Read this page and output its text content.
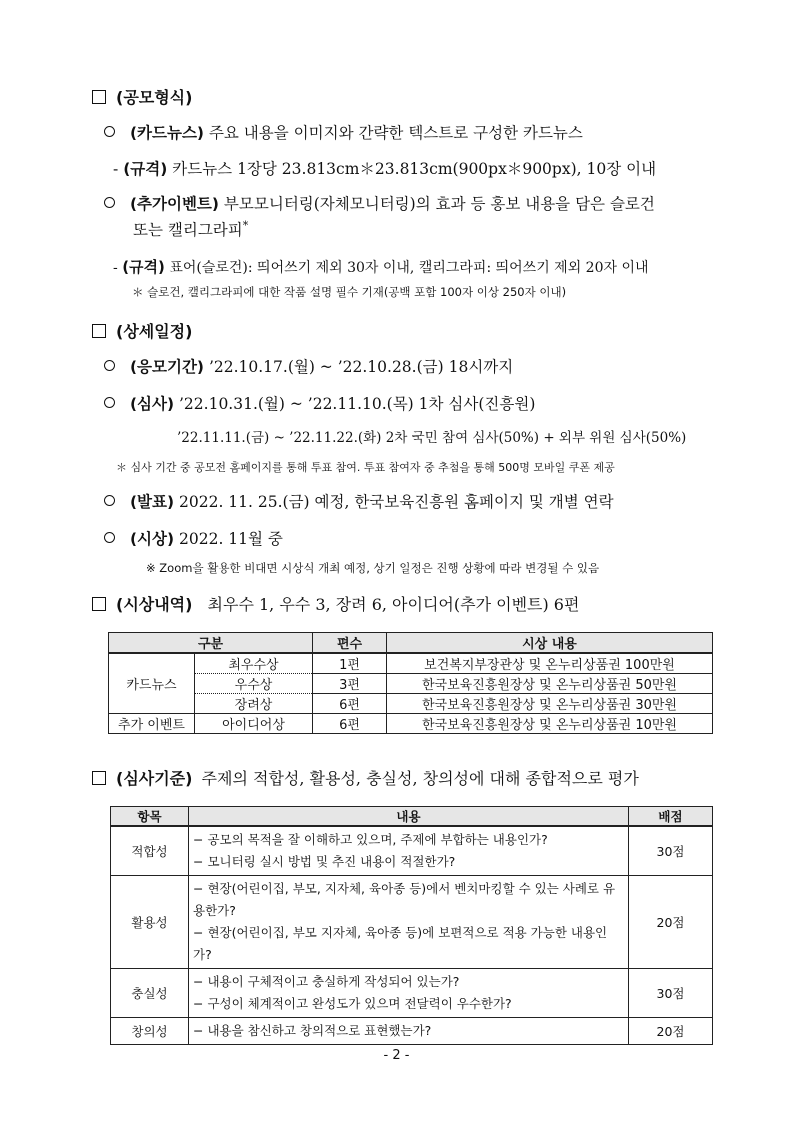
(공모형식)
(카드뉴스) 주요 내용을 이미지와 간략한 텍스트로 구성한 카드뉴스
- (규격) 카드뉴스 1장당 23.813cm＊23.813cm(900px＊900px), 10장 이내
(추가이벤트) 부모모니터링(자체모니터링)의 효과 등 홍보 내용을 담은 슬로건
또는 캘리그라피*
- (규격) 표어(슬로건): 띄어쓰기 제외 30자 이내, 캘리그라피: 띄어쓰기 제외 20자 이내
＊ 슬로건, 캘리그라피에 대한 작품 설명 필수 기재(공백 포함 100자 이상 250자 이내)
(상세일정)
(응모기간) ’22.10.17.(월) ~ ’22.10.28.(금) 18시까지
(심사) ’22.10.31.(월) ~ ’22.11.10.(목) 1차 심사(진흥원)
’22.11.11.(금) ~ ’22.11.22.(화) 2차 국민 참여 심사(50%) + 외부 위원 심사(50%)
＊ 심사 기간 중 공모전 홈페이지를 통해 투표 참여. 투표 참여자 중 추첨을 통해 500명 모바일 쿠폰 제공
(발표) 2022. 11. 25.(금) 예정, 한국보육진흥원 홈페이지 및 개별 연락
(시상) 2022. 11월 중
※ Zoom을 활용한 비대면 시상식 개최 예정, 상기 일정은 진행 상황에 따라 변경될 수 있음
(시상내역) 최우수 1, 우수 3, 장려 6, 아이디어(추가 이벤트) 6편
구분		편수	시상 내용
카드뉴스	최우수상	1편	보건복지부장관상 및 온누리상품권 100만원
	우수상	3편	한국보육진흥원장상 및 온누리상품권 50만원
	장려상	6편	한국보육진흥원장상 및 온누리상품권 30만원
추가 이벤트	아이디어상	6편	한국보육진흥원장상 및 온누리상품권 10만원
(심사기준) 주제의 적합성, 활용성, 충실성, 창의성에 대해 종합적으로 평가
항목	내용	배점
적합성	− 공모의 목적을 잘 이해하고 있으며, 주제에 부합하는 내용인가?
− 모니터링 실시 방법 및 추진 내용이 적절한가?	30점
활용성	− 현장(어린이집, 부모, 지자체, 육아종 등)에서 벤치마킹할 수 있는 사례로 유용한가?
− 현장(어린이집, 부모 지자체, 육아종 등)에 보편적으로 적용 가능한 내용인가?	20점
충실성	− 내용이 구체적이고 충실하게 작성되어 있는가?
− 구성이 체계적이고 완성도가 있으며 전달력이 우수한가?	30점
창의성	− 내용을 참신하고 창의적으로 표현했는가?	20점
- 2 -
